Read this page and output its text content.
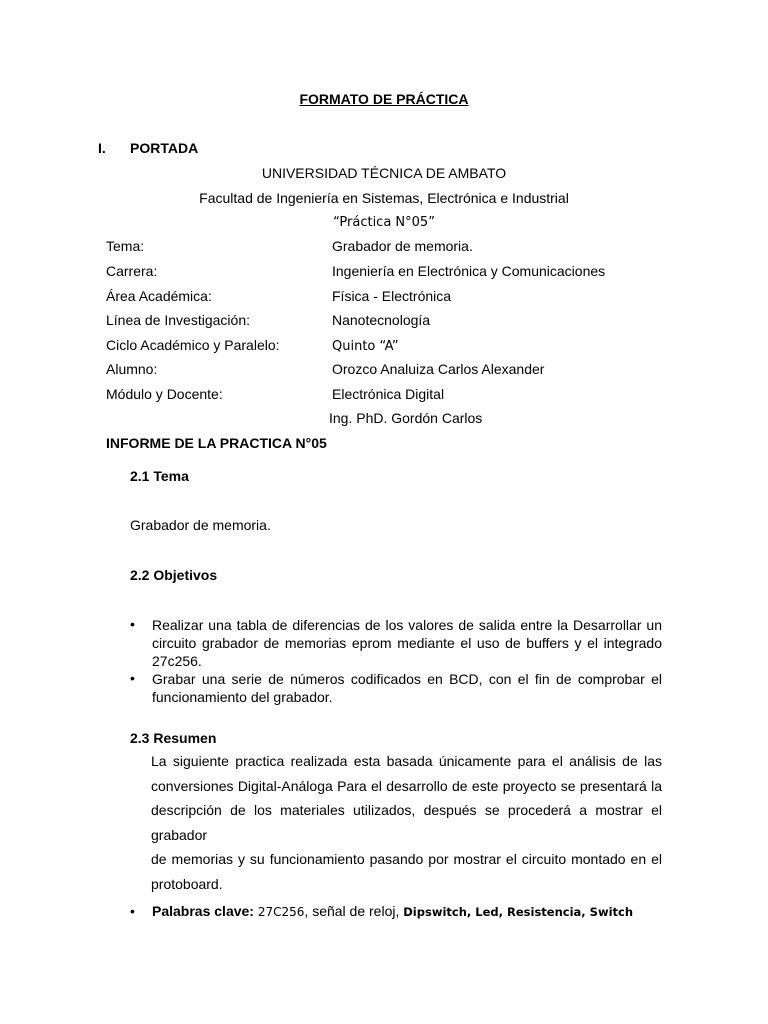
FORMATO DE PRÁCTICA
I. PORTADA
UNIVERSIDAD TÉCNICA DE AMBATO
Facultad de Ingeniería en Sistemas, Electrónica e Industrial
“Práctica N°05”
Tema:	Grabador de memoria.
Carrera:	Ingeniería en Electrónica y Comunicaciones
Área Académica:	Física - Electrónica
Línea de Investigación:	Nanotecnología
Ciclo Académico y Paralelo:	Quinto “A”
Alumno:	Orozco Analuiza Carlos Alexander
Módulo y Docente:	Electrónica Digital
Ing. PhD. Gordón Carlos
INFORME DE LA PRACTICA N°05
2.1 Tema
Grabador de memoria.
2.2 Objetivos
• Realizar una tabla de diferencias de los valores de salida entre la Desarrollar un circuito grabador de memorias eprom mediante el uso de buffers y el integrado 27c256.
• Grabar una serie de números codificados en BCD, con el fin de comprobar el funcionamiento del grabador.
2.3 Resumen

La siguiente practica realizada esta basada únicamente para el análisis de las

conversiones Digital-Análoga Para el desarrollo de este proyecto se presentará la

descripción de los materiales utilizados, después se procederá a mostrar el grabador

de memorias y su funcionamiento pasando por mostrar el circuito montado en el

protoboard.

• Palabras clave: 27C256, señal de reloj, Dipswitch, Led, Resistencia, Switch
